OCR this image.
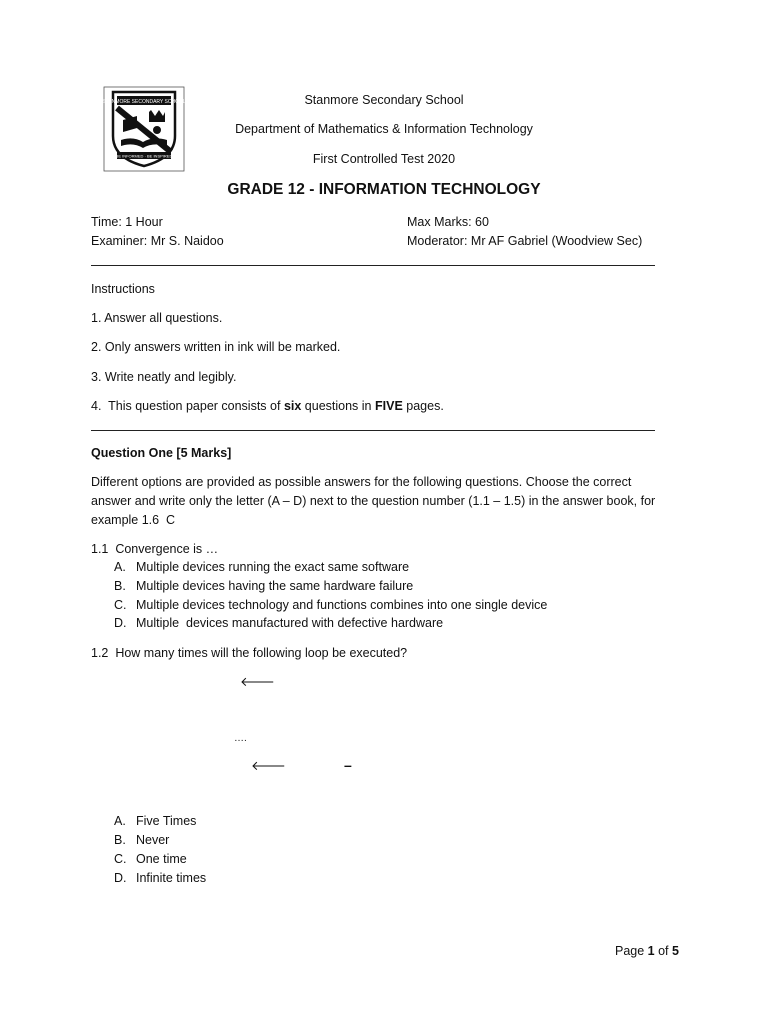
STANMORE SECONDARY SCHOOL
BE INFORMED · BE INSPIRED
Stanmore Secondary School
Department of Mathematics & Information Technology
First Controlled Test 2020
GRADE 12 - INFORMATION TECHNOLOGY
Time: 1 Hour	Max Marks: 60
Examiner: Mr S. Naidoo	Moderator: Mr AF Gabriel (Woodview Sec)
Instructions
1. Answer all questions.
2. Only answers written in ink will be marked.
3. Write neatly and legibly.
4.  This question paper consists of six questions in FIVE pages.
Question One [5 Marks]
Different options are provided as possible answers for the following questions. Choose the correct
answer and write only the letter (A – D) next to the question number (1.1 – 1.5) in the answer book, for
example 1.6  C
1.1  Convergence is …
A. Multiple devices running the exact same software
B. Multiple devices having the same hardware failure
C. Multiple devices technology and functions combines into one single device
D. Multiple  devices manufactured with defective hardware
1.2  How many times will the following loop be executed?
🡐
….
🡐	–
A. Five Times
B. Never
C. One time
D. Infinite times
Page 1 of 5
